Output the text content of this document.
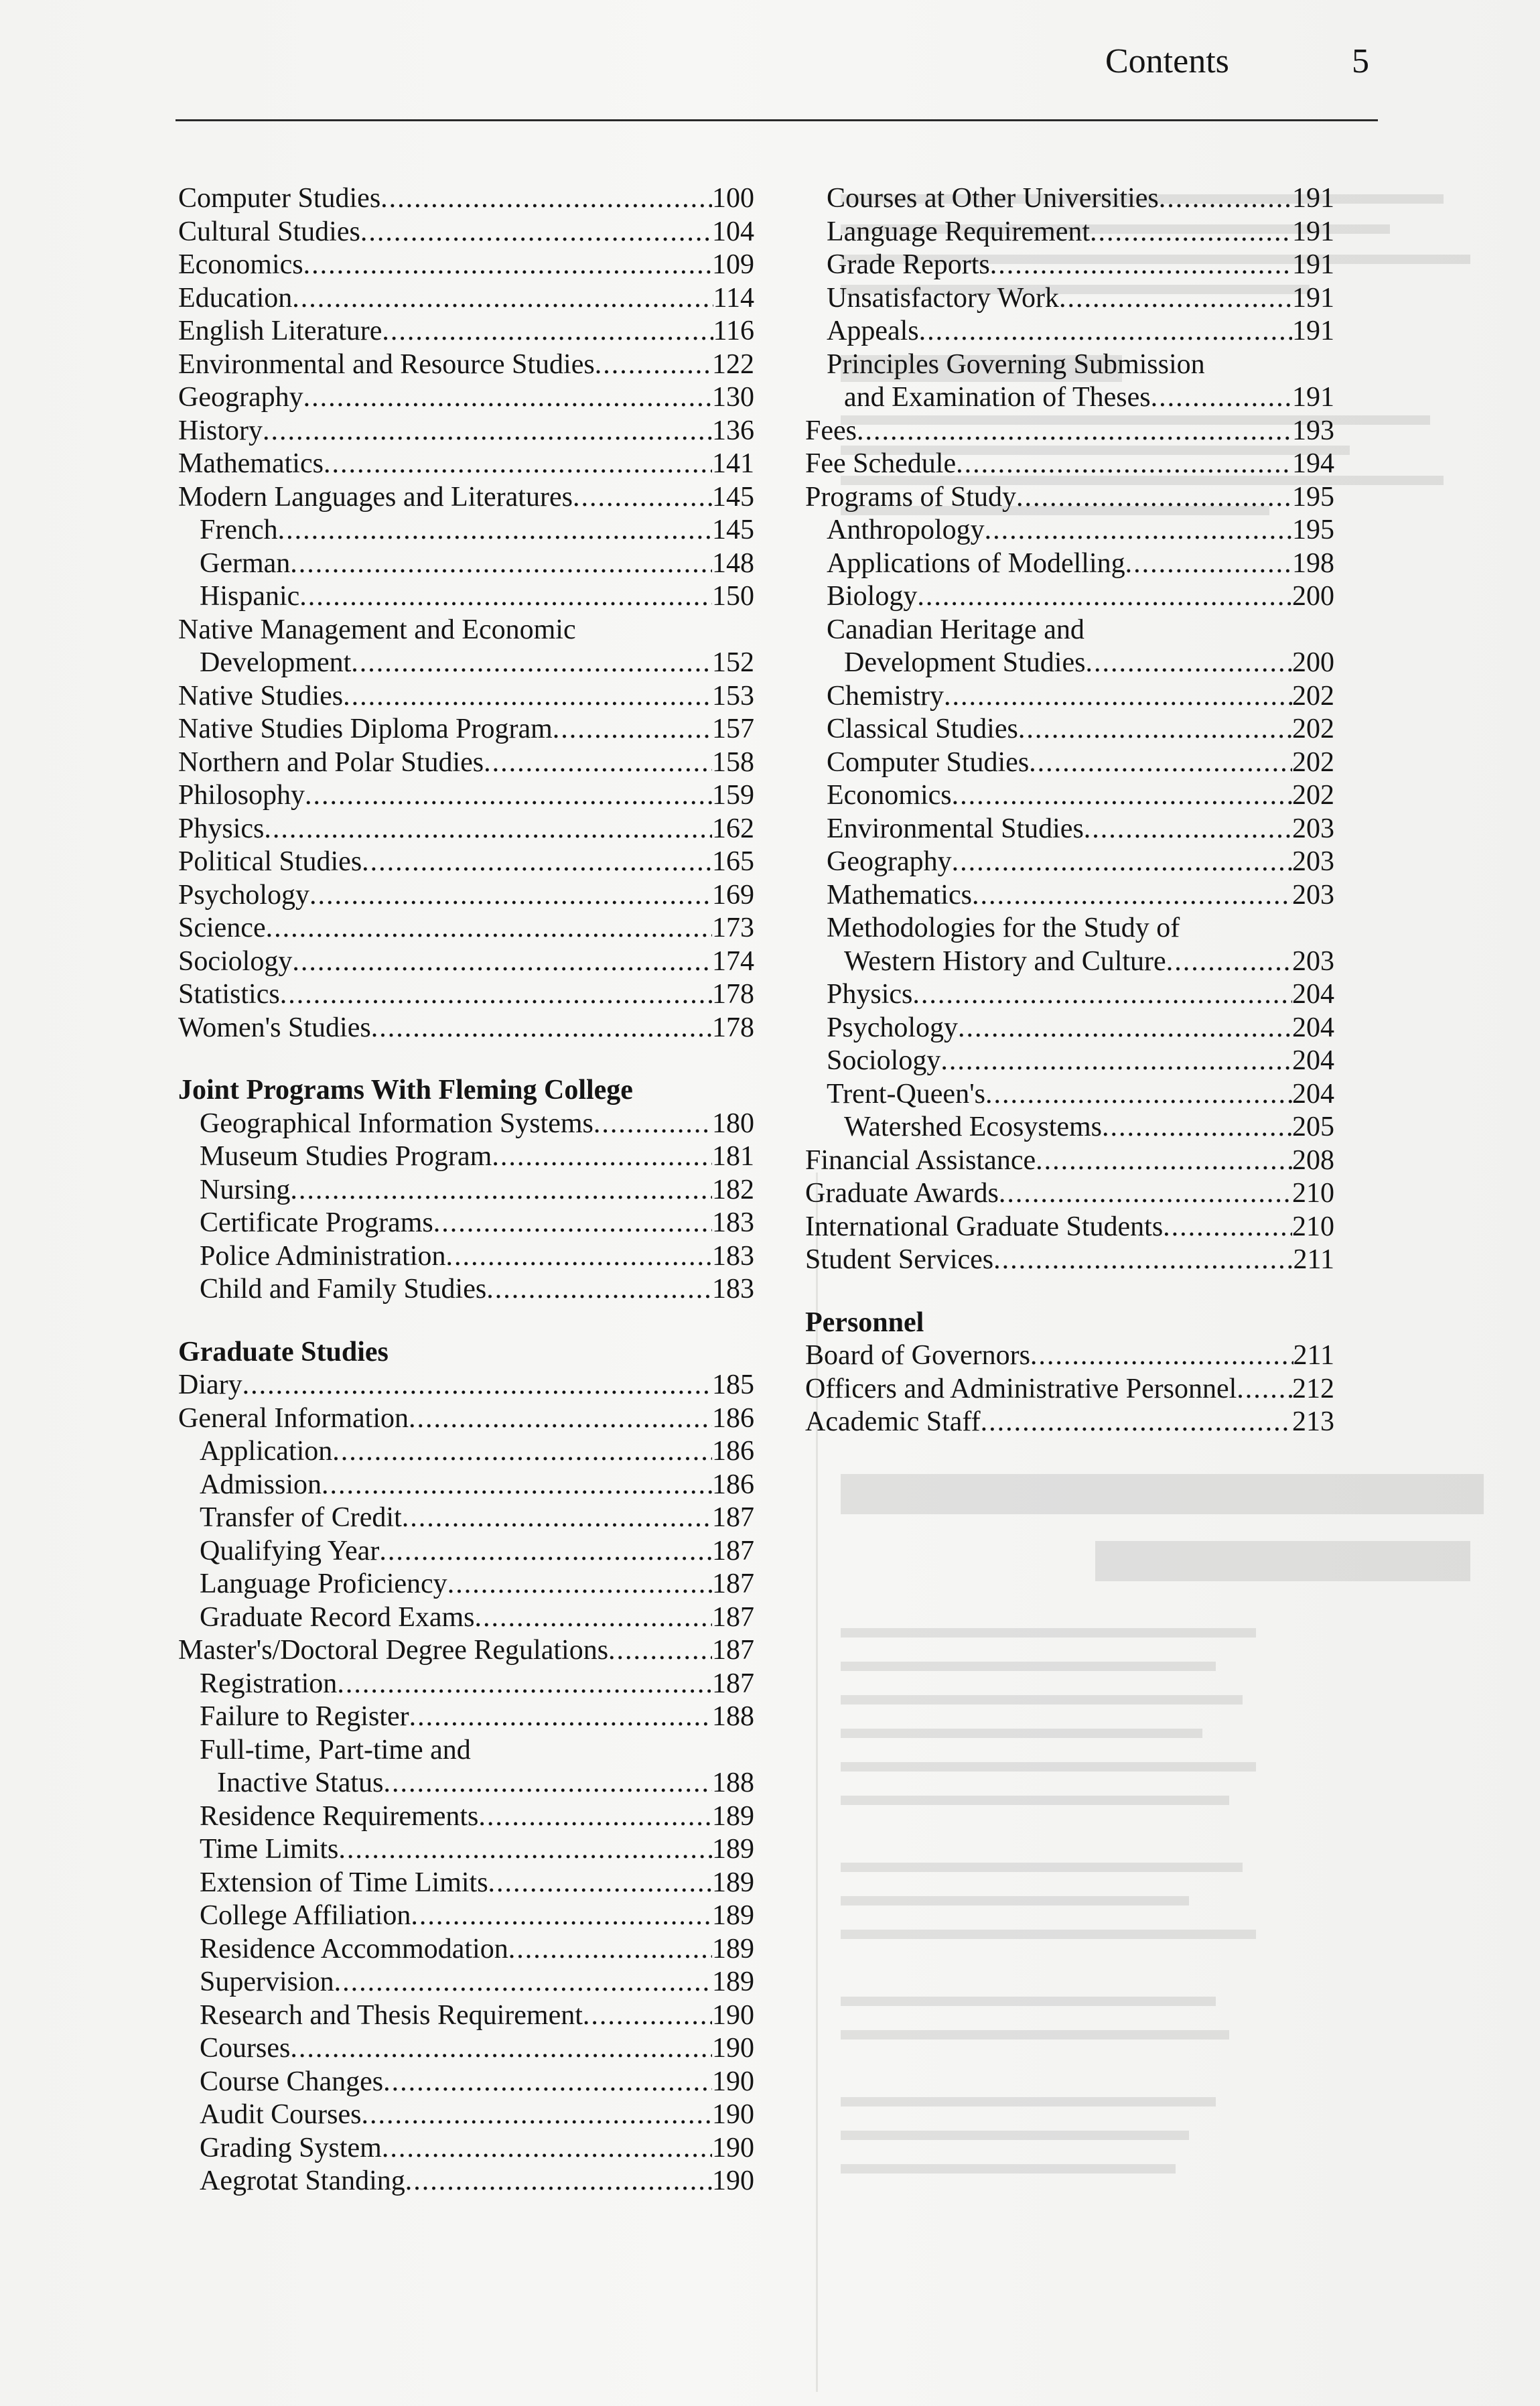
Contents	5
Computer Studies .....	100
Cultural Studies .....	104
Economics .....	109
Education .....	114
English Literature .....	116
Environmental and Resource Studies .....	122
Geography .....	130
History .....	136
Mathematics .....	141
Modern Languages and Literatures .....	145
French .....	145
German .....	148
Hispanic .....	150
Native Management and Economic
Development .....	152
Native Studies .....	153
Native Studies Diploma Program .....	157
Northern and Polar Studies .....	158
Philosophy .....	159
Physics .....	162
Political Studies .....	165
Psychology .....	169
Science .....	173
Sociology .....	174
Statistics .....	178
Women's Studies .....	178
Joint Programs With Fleming College
Geographical Information Systems .....	180
Museum Studies Program .....	181
Nursing .....	182
Certificate Programs .....	183
Police Administration .....	183
Child and Family Studies .....	183
Graduate Studies
Diary .....	185
General Information .....	186
Application .....	186
Admission .....	186
Transfer of Credit .....	187
Qualifying Year .....	187
Language Proficiency .....	187
Graduate Record Exams .....	187
Master's/Doctoral Degree Regulations .....	187
Registration .....	187
Failure to Register .....	188
Full-time, Part-time and
Inactive Status .....	188
Residence Requirements .....	189
Time Limits .....	189
Extension of Time Limits .....	189
College Affiliation .....	189
Residence Accommodation .....	189
Supervision .....	189
Research and Thesis Requirement .....	190
Courses .....	190
Course Changes .....	190
Audit Courses .....	190
Grading System .....	190
Aegrotat Standing .....	190
Courses at Other Universities .....	191
Language Requirement .....	191
Grade Reports .....	191
Unsatisfactory Work .....	191
Appeals .....	191
Principles Governing Submission
and Examination of Theses .....	191
Fees .....	193
Fee Schedule .....	194
Programs of Study .....	195
Anthropology .....	195
Applications of Modelling .....	198
Biology .....	200
Canadian Heritage and
Development Studies .....	200
Chemistry .....	202
Classical Studies .....	202
Computer Studies .....	202
Economics .....	202
Environmental Studies .....	203
Geography .....	203
Mathematics .....	203
Methodologies for the Study of
Western History and Culture .....	203
Physics .....	204
Psychology .....	204
Sociology .....	204
Trent-Queen's .....	204
Watershed Ecosystems .....	205
Financial Assistance .....	208
Graduate Awards .....	210
International Graduate Students .....	210
Student Services .....	211
Personnel
Board of Governors .....	211
Officers and Administrative Personnel ..... 212
Academic Staff .....	213
